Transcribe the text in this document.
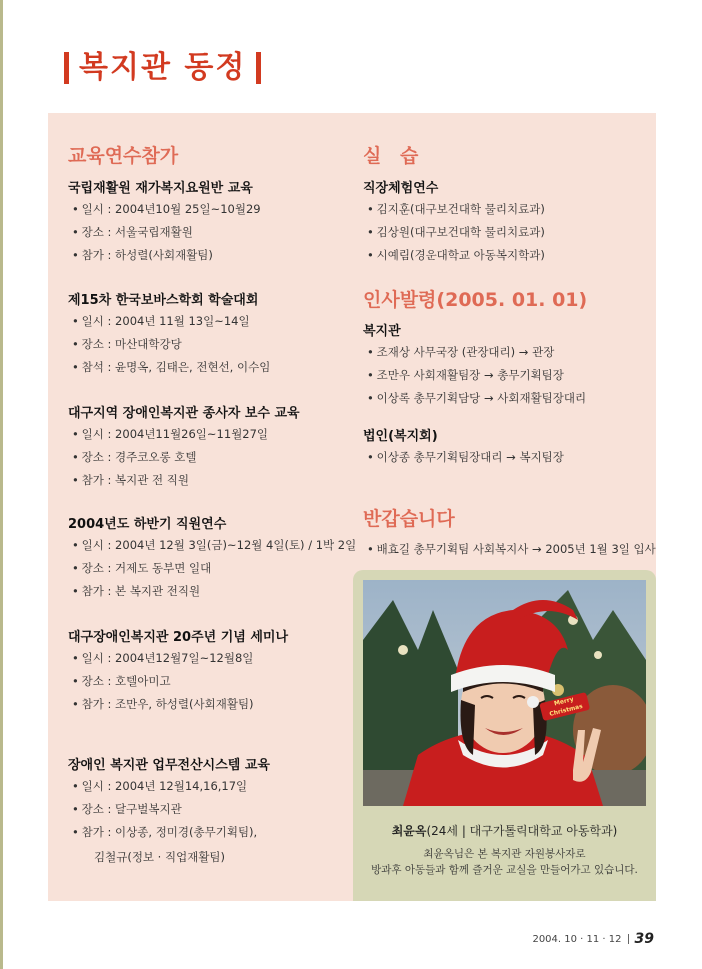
복지관 동정
교육연수참가
국립재활원 재가복지요원반 교육
• 일시 : 2004년10월 25일~10월29
• 장소 : 서울국립재활원
• 참가 : 하성렬(사회재활팀)
제15차 한국보바스학회 학술대회
• 일시 : 2004년 11월 13일~14일
• 장소 : 마산대학강당
• 참석 : 윤명옥, 김태은, 전현선, 이수임
대구지역 장애인복지관 종사자 보수 교육
• 일시 : 2004년11월26일~11월27일
• 장소 : 경주코오롱 호텔
• 참가 : 복지관 전 직원
2004년도 하반기 직원연수
• 일시 : 2004년 12월 3일(금)~12월 4일(토) / 1박 2일
• 장소 : 거제도 동부면 일대
• 참가 : 본 복지관 전직원
대구장애인복지관 20주년 기념 세미나
• 일시 : 2004년12월7일~12월8일
• 장소 : 호텔아미고
• 참가 : 조만우, 하성렬(사회재활팀)
장애인 복지관 업무전산시스템 교육
• 일시 : 2004년 12월14,16,17일
• 장소 : 달구벌복지관
• 참가 : 이상종, 정미경(총무기획팀),
김철규(정보 · 직업재활팀)
실 습
직장체험연수
• 김지훈(대구보건대학 물리치료과)
• 김상원(대구보건대학 물리치료과)
• 시예림(경운대학교 아동복지학과)
인사발령(2005. 01. 01)
복지관
• 조재상 사무국장 (관장대리) → 관장
• 조만우 사회재활팀장 → 총무기획팀장
• 이상록 총무기획담당 → 사회재활팀장대리
법인(복지회)
• 이상종 총무기획팀장대리 → 복지팀장
반갑습니다
• 배효길 총무기획팀 사회복지사 → 2005년 1월 3일 입사
Merry Christmas
최윤옥(24세 | 대구가톨릭대학교 아동학과)
최윤옥님은 본 복지관 자원봉사자로
방과후 아동들과 함께 즐거운 교실을 만들어가고 있습니다.
2004. 10 · 11 · 12 39
